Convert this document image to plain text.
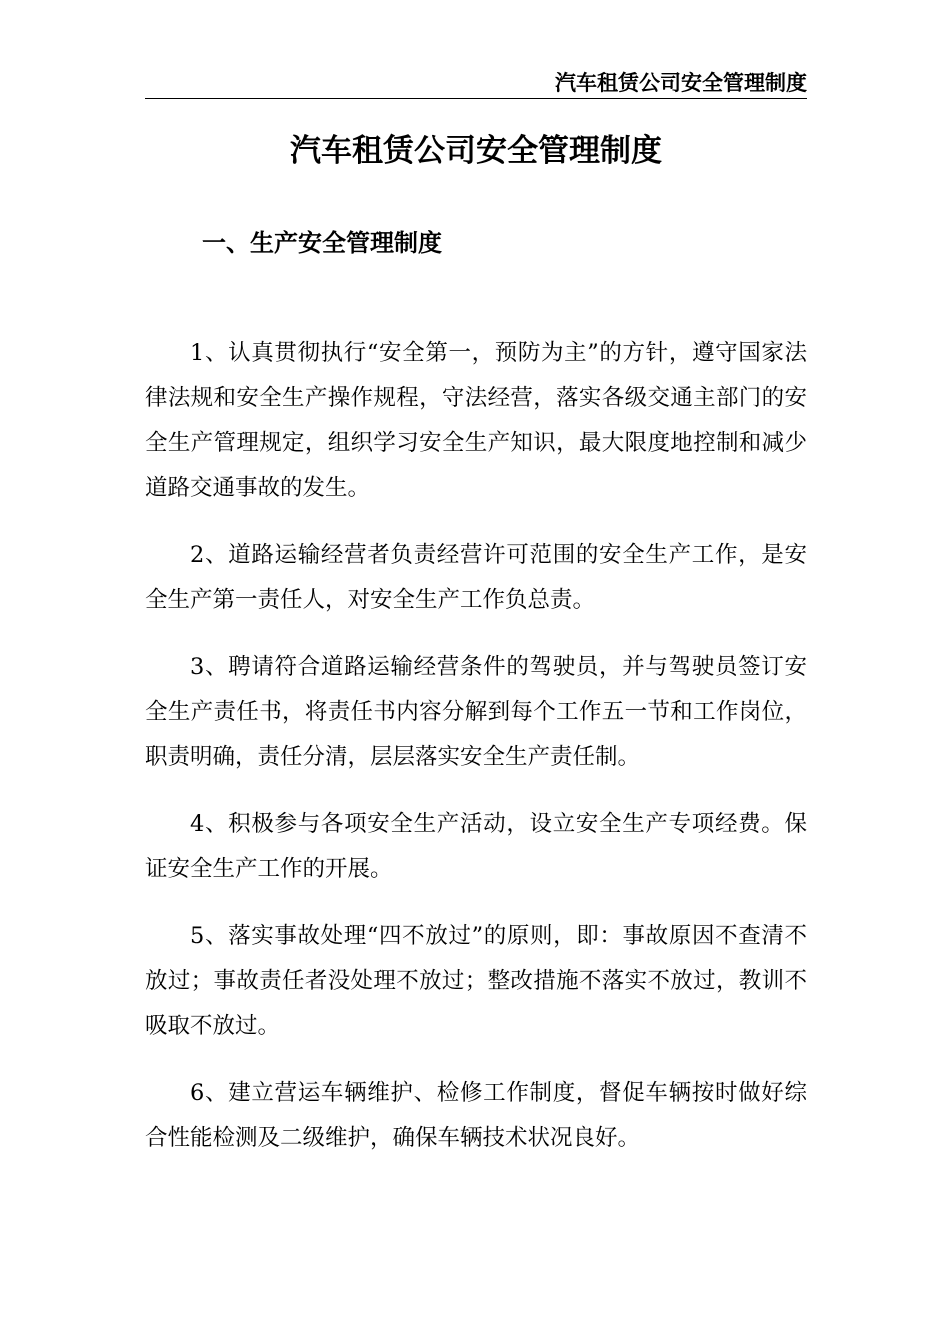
汽车租赁公司安全管理制度
汽车租赁公司安全管理制度
一、生产安全管理制度

1、认真贯彻执行“安全第一，预防为主”的方针，遵守国家法律法规和安全生产操作规程，守法经营，落实各级交通主部门的安全生产管理规定，组织学习安全生产知识，最大限度地控制和减少道路交通事故的发生。

2、道路运输经营者负责经营许可范围的安全生产工作，是安全生产第一责任人，对安全生产工作负总责。

3、聘请符合道路运输经营条件的驾驶员，并与驾驶员签订安全生产责任书，将责任书内容分解到每个工作五一节和工作岗位，职责明确，责任分清，层层落实安全生产责任制。

4、积极参与各项安全生产活动，设立安全生产专项经费。保证安全生产工作的开展。

5、落实事故处理“四不放过”的原则，即：事故原因不查清不放过；事故责任者没处理不放过；整改措施不落实不放过，教训不吸取不放过。

6、建立营运车辆维护、检修工作制度，督促车辆按时做好综合性能检测及二级维护，确保车辆技术状况良好。
